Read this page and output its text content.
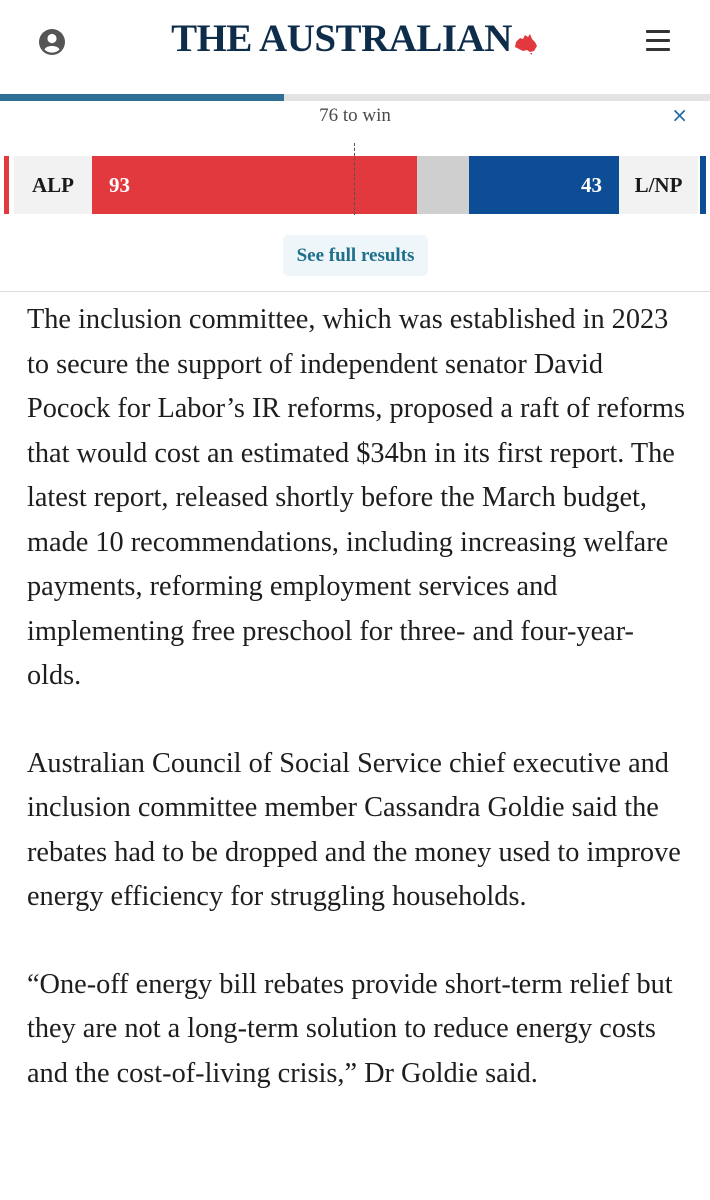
THE AUSTRALIAN
76 to win	×
ALP	93	43	L/NP
See full results

The inclusion committee, which was established in 2023 to secure the support of independent senator David Pocock for Labor’s IR reforms, proposed a raft of reforms that would cost an estimated $34bn in its first report. The latest report, released shortly before the March budget, made 10 recommendations, including increasing welfare payments, reforming employment services and implementing free preschool for three- and four-year-olds.

Australian Council of Social Service chief executive and inclusion committee member Cassandra Goldie said the rebates had to be dropped and the money used to improve energy efficiency for struggling households.

“One-off energy bill rebates provide short-term relief but they are not a long-term solution to reduce energy costs and the cost-of-living crisis,” Dr Goldie said.
